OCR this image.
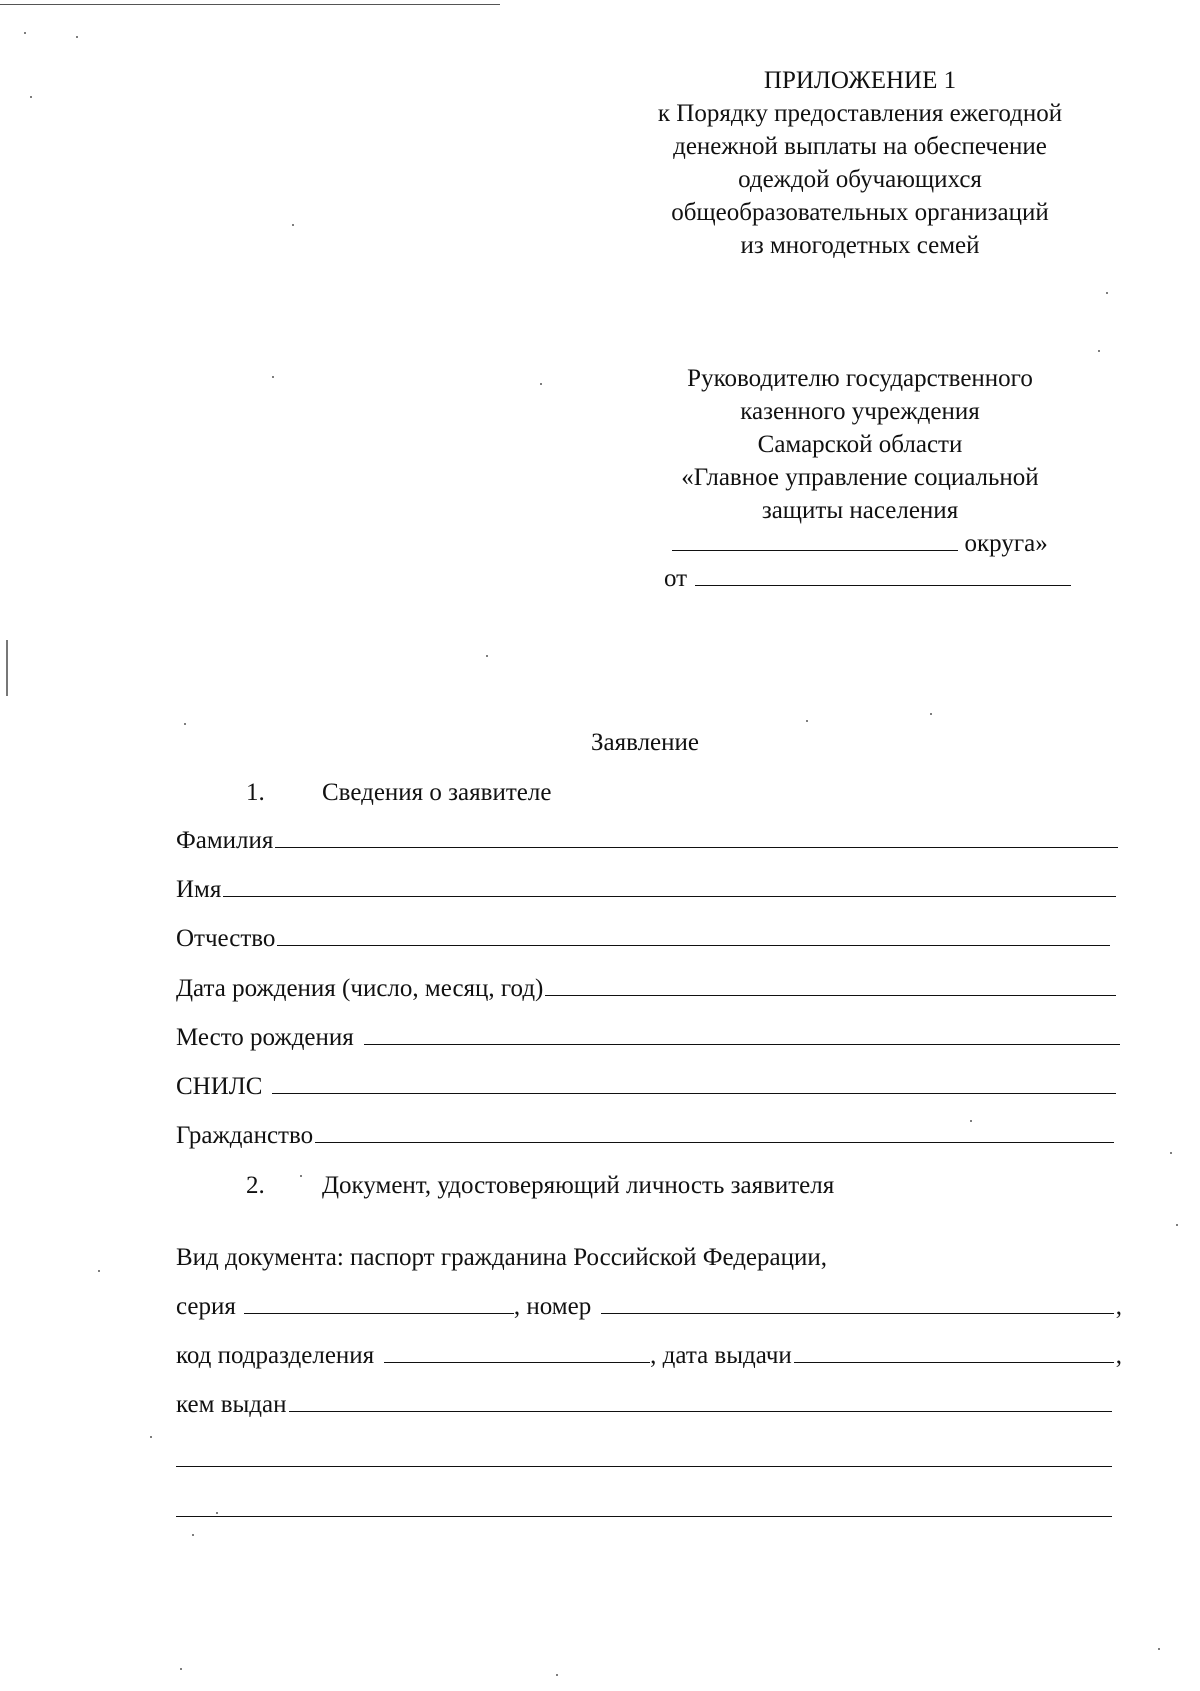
ПРИЛОЖЕНИЕ 1
к Порядку предоставления ежегодной
денежной выплаты на обеспечение
одеждой обучающихся
общеобразовательных организаций
из многодетных семей
Руководителю государственного
казенного учреждения
Самарской области
«Главное управление социальной
защиты населения
округа»
от
Заявление
1. Сведения о заявителе
Фамилия
Имя
Отчество
Дата рождения (число, месяц, год)
Место рождения
СНИЛС
Гражданство
2. Документ, удостоверяющий личность заявителя
Вид документа: паспорт гражданина Российской Федерации,
серия	, номер	,
код подразделения	, дата выдачи	,
кем выдан
